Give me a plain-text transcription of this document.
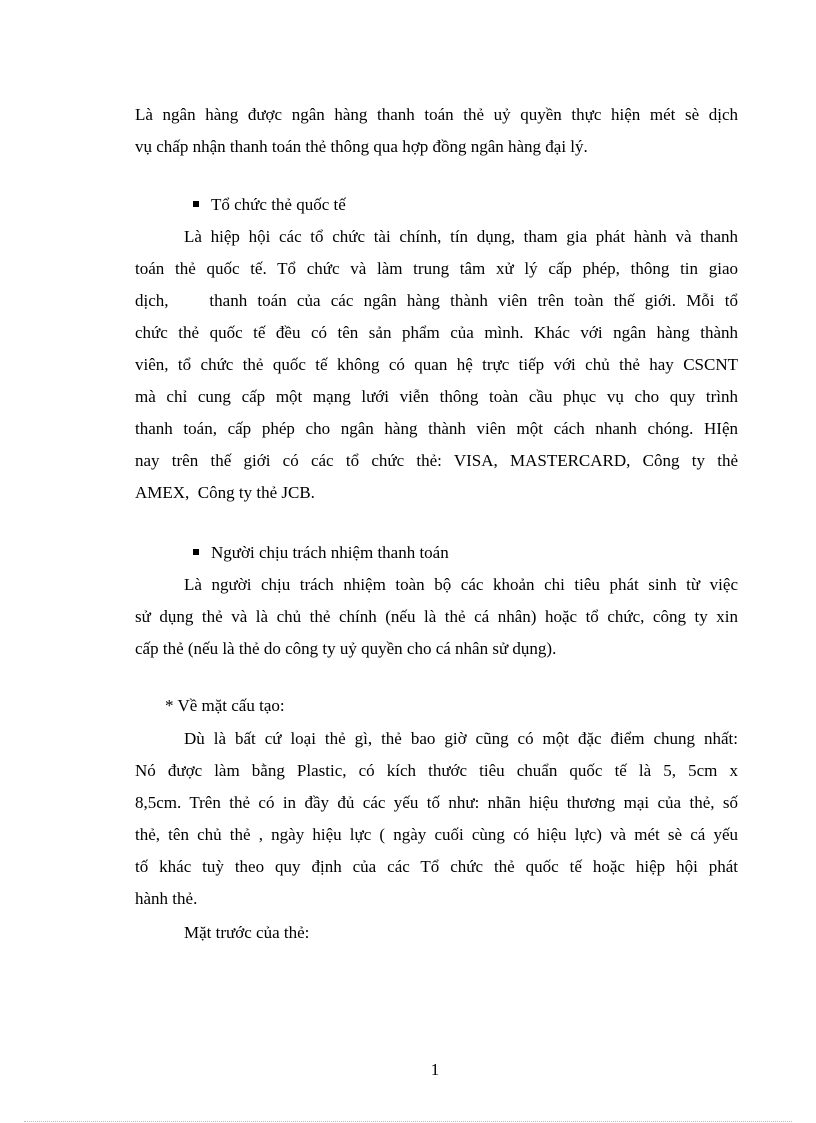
Là ngân hàng được ngân hàng thanh toán thẻ uỷ quyền thực hiện mét sè dịch
vụ chấp nhận thanh toán thẻ thông qua hợp đồng ngân hàng đại lý.
Tổ chức thẻ quốc tế
Là hiệp hội các tổ chức tài chính, tín dụng, tham gia phát hành và thanh
toán thẻ quốc tế. Tổ chức và làm trung tâm xử lý cấp phép, thông tin giao
dịch,    thanh toán của các ngân hàng thành viên trên toàn thế giới. Mỗi tổ
chức thẻ quốc tế đều có tên sản phẩm của mình. Khác với ngân hàng thành
viên, tổ chức thẻ quốc tế không có quan hệ trực tiếp với chủ thẻ hay CSCNT
mà chỉ cung cấp một mạng lưới viễn thông toàn cầu phục vụ cho quy trình
thanh toán, cấp phép cho ngân hàng thành viên một cách nhanh chóng. HIện
nay trên thế giới có các tổ chức thẻ: VISA, MASTERCARD, Công ty thẻ
AMEX,  Công ty thẻ JCB.
Người chịu trách nhiệm thanh toán
Là người chịu trách nhiệm toàn bộ các khoản chi tiêu phát sinh từ việc
sử dụng thẻ và là chủ thẻ chính (nếu là thẻ cá nhân) hoặc tổ chức, công ty xin
cấp thẻ (nếu là thẻ do công ty uỷ quyền cho cá nhân sử dụng).
* Về mặt cấu tạo:
Dù là bất cứ loại thẻ gì, thẻ bao giờ cũng có một đặc điểm chung nhất:
Nó được làm bằng Plastic, có kích thước tiêu chuẩn quốc tế là 5, 5cm x
8,5cm. Trên thẻ có in đầy đủ các yếu tố như: nhãn hiệu thương mại của thẻ, số
thẻ, tên chủ thẻ , ngày hiệu lực ( ngày cuối cùng có hiệu lực) và mét sè cá yếu
tố khác tuỳ theo quy định của các Tổ chức thẻ quốc tế hoặc hiệp hội phát
hành thẻ.
Mặt trước của thẻ:
1
